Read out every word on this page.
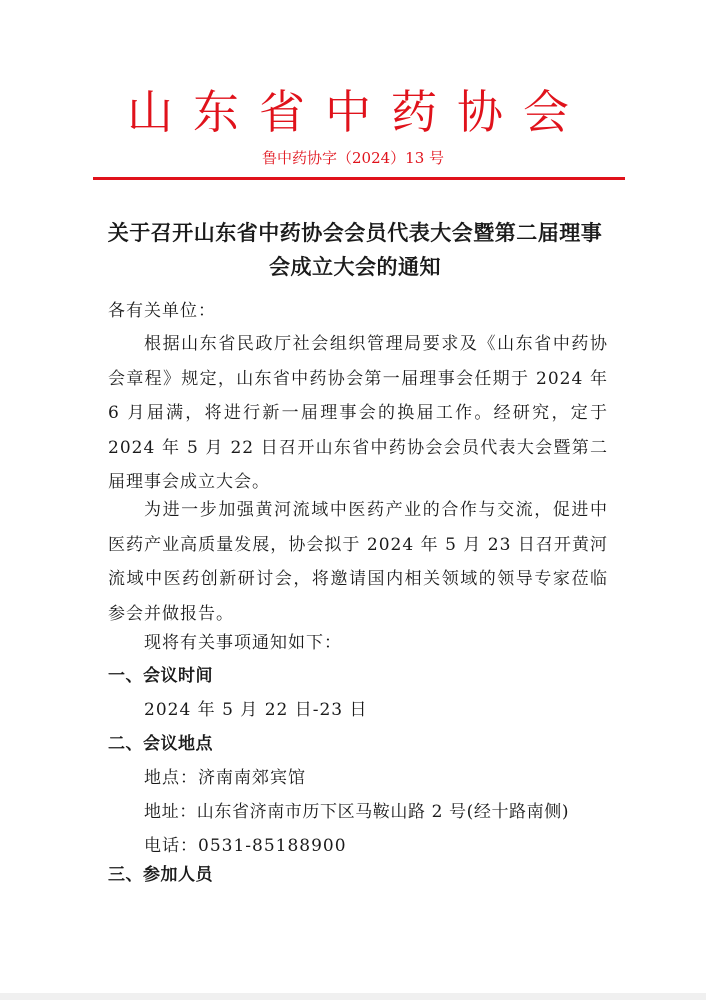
山东省中药协会
鲁中药协字（2024）13 号
关于召开山东省中药协会会员代表大会暨第二届理事会成立大会的通知
各有关单位：
根据山东省民政厅社会组织管理局要求及《山东省中药协会章程》规定，山东省中药协会第一届理事会任期于 2024 年 6 月届满，将进行新一届理事会的换届工作。经研究，定于 2024 年 5 月 22 日召开山东省中药协会会员代表大会暨第二届理事会成立大会。
为进一步加强黄河流域中医药产业的合作与交流，促进中医药产业高质量发展，协会拟于 2024 年 5 月 23 日召开黄河流域中医药创新研讨会，将邀请国内相关领域的领导专家莅临参会并做报告。
现将有关事项通知如下：
一、会议时间
2024 年 5 月 22 日-23 日
二、会议地点
地点：济南南郊宾馆
地址：山东省济南市历下区马鞍山路 2 号(经十路南侧)
电话：0531-85188900
三、参加人员
